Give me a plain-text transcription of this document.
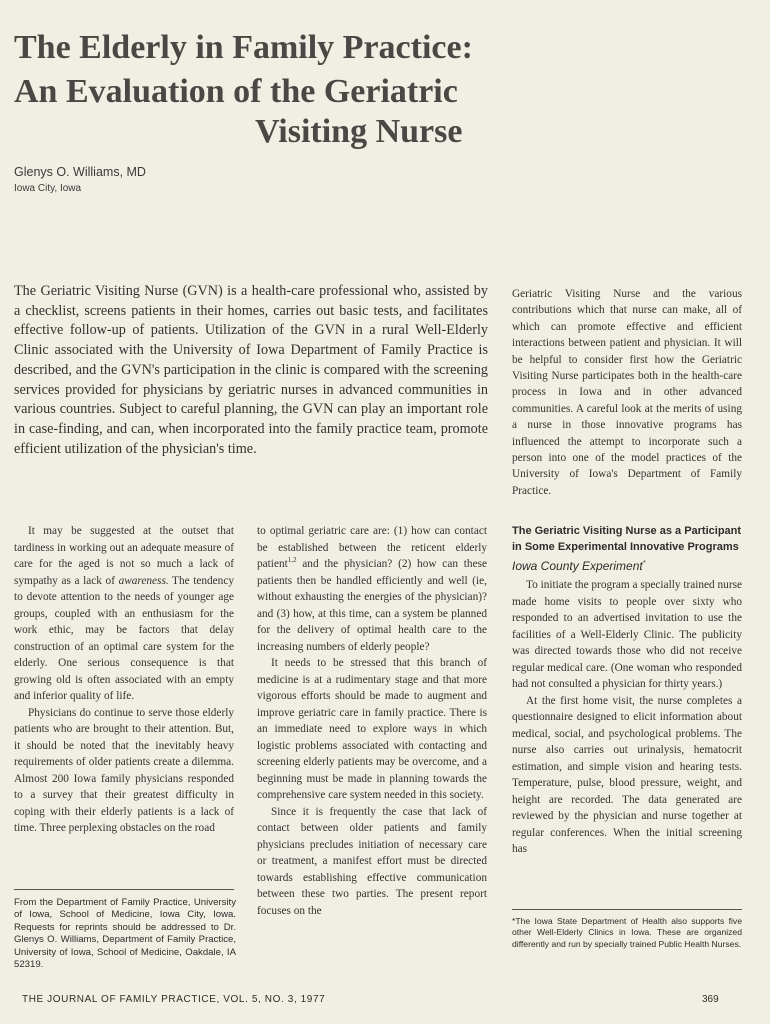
The Elderly in Family Practice:
An Evaluation of the Geriatric
Visiting Nurse
Glenys O. Williams, MD
Iowa City, Iowa
The Geriatric Visiting Nurse (GVN) is a health-care professional who, assisted by a checklist, screens patients in their homes, carries out basic tests, and facilitates effective follow-up of patients. Utilization of the GVN in a rural Well-Elderly Clinic associated with the University of Iowa Department of Family Practice is described, and the GVN's participation in the clinic is compared with the screening services provided for physicians by geriatric nurses in advanced communities in various countries. Subject to careful planning, the GVN can play an important role in case-finding, and can, when incorporated into the family practice team, promote efficient utilization of the physician's time.
Geriatric Visiting Nurse and the various contributions which that nurse can make, all of which can promote effective and efficient interactions between patient and physician. It will be helpful to consider first how the Geriatric Visiting Nurse participates both in the health-care process in Iowa and in other advanced communities. A careful look at the merits of using a nurse in those innovative programs has influenced the attempt to incorporate such a person into one of the model practices of the University of Iowa's Department of Family Practice.

It may be suggested at the outset that tardiness in working out an adequate measure of care for the aged is not so much a lack of sympathy as a lack of awareness. The tendency to devote attention to the needs of younger age groups, coupled with an enthusiasm for the work ethic, may be factors that delay construction of an optimal care system for the elderly. One serious consequence is that growing old is often associated with an empty and inferior quality of life.

Physicians do continue to serve those elderly patients who are brought to their attention. But, it should be noted that the inevitably heavy requirements of older patients create a dilemma. Almost 200 Iowa family physicians responded to a survey that their greatest difficulty in coping with their elderly patients is a lack of time. Three perplexing obstacles on the road

to optimal geriatric care are: (1) how can contact be established between the reticent elderly patient$^{1,2}$ and the physician? (2) how can these patients then be handled efficiently and well (ie, without exhausting the energies of the physician)? and (3) how, at this time, can a system be planned for the delivery of optimal health care to the increasing numbers of elderly people?

It needs to be stressed that this branch of medicine is at a rudimentary stage and that more vigorous efforts should be made to augment and improve geriatric care in family practice. There is an immediate need to explore ways in which logistic problems associated with contacting and screening elderly patients may be overcome, and a beginning must be made in planning towards the comprehensive care system needed in this society.

Since it is frequently the case that lack of contact between older patients and family physicians precludes initiation of necessary care or treatment, a manifest effort must be directed towards establishing effective communication between these two parties. The present report focuses on the

The Geriatric Visiting Nurse as a Participant in Some Experimental Innovative Programs
Iowa County Experiment*

To initiate the program a specially trained nurse made home visits to people over sixty who responded to an advertised invitation to use the facilities of a Well-Elderly Clinic. The publicity was directed towards those who did not receive regular medical care. (One woman who responded had not consulted a physician for thirty years.)

At the first home visit, the nurse completes a questionnaire designed to elicit information about medical, social, and psychological problems. The nurse also carries out urinalysis, hematocrit estimation, and simple vision and hearing tests. Temperature, pulse, blood pressure, weight, and height are recorded. The data generated are reviewed by the physician and nurse together at regular conferences. When the initial screening has

From the Department of Family Practice, University of Iowa, School of Medicine, Iowa City, Iowa. Requests for reprints should be addressed to Dr. Glenys O. Williams, Department of Family Practice, University of Iowa, School of Medicine, Oakdale, IA 52319.
*The Iowa State Department of Health also supports five other Well-Elderly Clinics in Iowa. These are organized differently and run by specially trained Public Health Nurses.
THE JOURNAL OF FAMILY PRACTICE, VOL. 5, NO. 3, 1977	369
